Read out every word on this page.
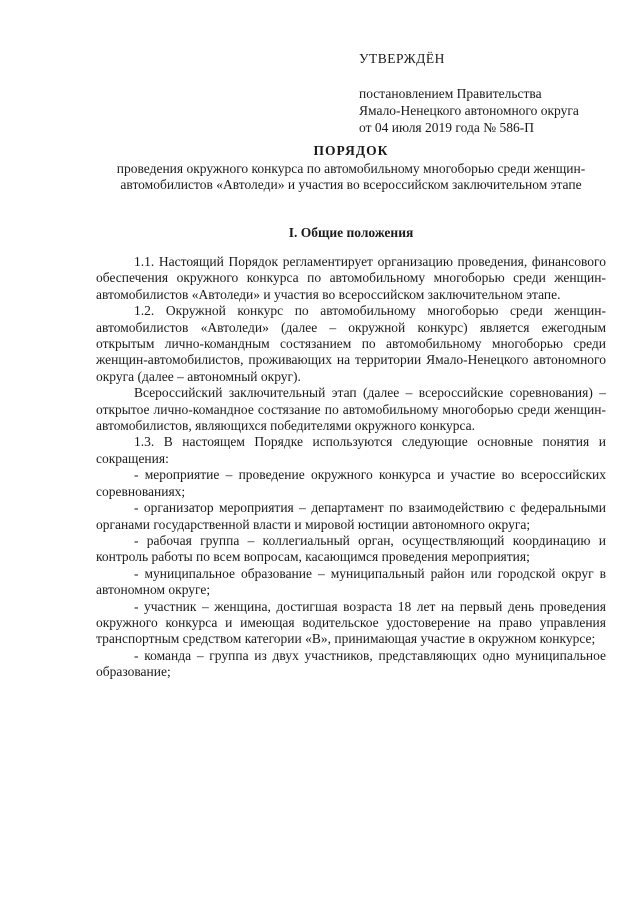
УТВЕРЖДЁН
постановлением Правительства
Ямало-Ненецкого автономного округа
от 04 июля 2019 года № 586-П
ПОРЯДОК
проведения окружного конкурса по автомобильному многоборью среди женщин-автомобилистов «Автоледи» и участия во всероссийском заключительном этапе
I. Общие положения

1.1. Настоящий Порядок регламентирует организацию проведения, финансового обеспечения окружного конкурса по автомобильному многоборью среди женщин-автомобилистов «Автоледи» и участия во всероссийском заключительном этапе.

1.2. Окружной конкурс по автомобильному многоборью среди женщин-автомобилистов «Автоледи» (далее – окружной конкурс) является ежегодным открытым лично-командным состязанием по автомобильному многоборью среди женщин-автомобилистов, проживающих на территории Ямало-Ненецкого автономного округа (далее – автономный округ).

Всероссийский заключительный этап (далее – всероссийские соревнования) – открытое лично-командное состязание по автомобильному многоборью среди женщин-автомобилистов, являющихся победителями окружного конкурса.

1.3. В настоящем Порядке используются следующие основные понятия и сокращения:

- мероприятие – проведение окружного конкурса и участие во всероссийских соревнованиях;

- организатор мероприятия – департамент по взаимодействию с федеральными органами государственной власти и мировой юстиции автономного округа;

- рабочая группа – коллегиальный орган, осуществляющий координацию и контроль работы по всем вопросам, касающимся проведения мероприятия;

- муниципальное образование – муниципальный район или городской округ в автономном округе;

- участник – женщина, достигшая возраста 18 лет на первый день проведения окружного конкурса и имеющая водительское удостоверение на право управления транспортным средством категории «В», принимающая участие в окружном конкурсе;

- команда – группа из двух участников, представляющих одно муниципальное образование;
